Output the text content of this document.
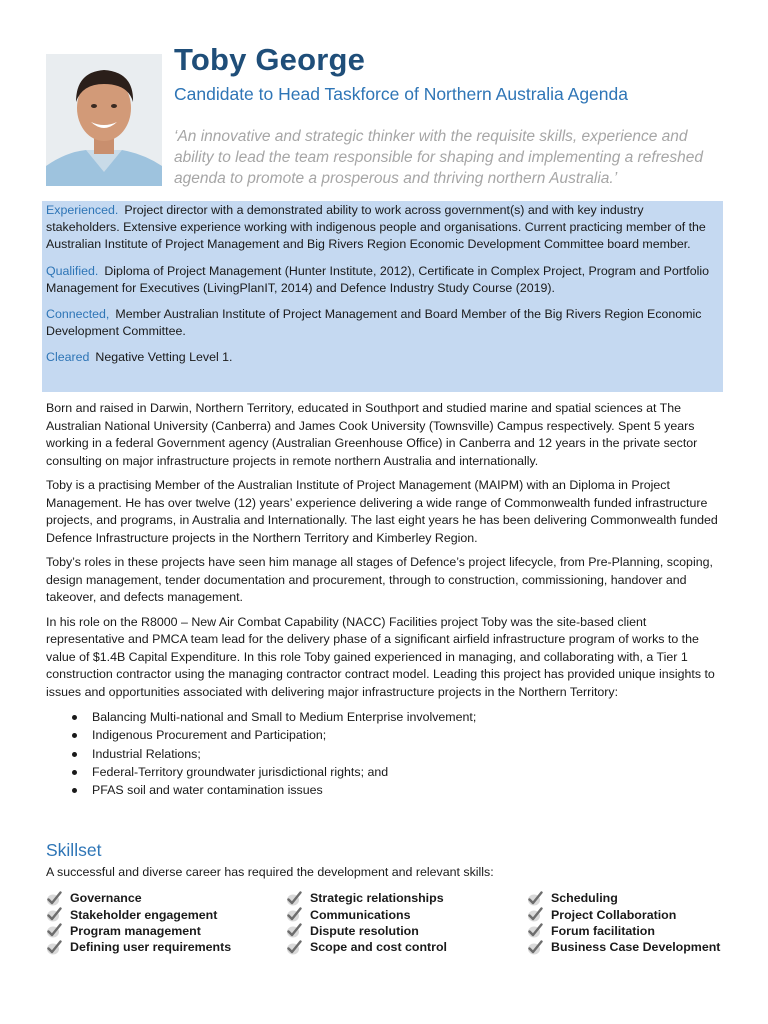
Toby George
Candidate to Head Taskforce of Northern Australia Agenda
‘An innovative and strategic thinker with the requisite skills, experience and ability to lead the team responsible for shaping and implementing a refreshed agenda to promote a prosperous and thriving northern Australia.’

Experienced. Project director with a demonstrated ability to work across government(s) and with key industry stakeholders. Extensive experience working with indigenous people and organisations. Current practicing member of the Australian Institute of Project Management and Big Rivers Region Economic Development Committee board member.

Qualified. Diploma of Project Management (Hunter Institute, 2012), Certificate in Complex Project, Program and Portfolio Management for Executives (LivingPlanIT, 2014) and Defence Industry Study Course (2019).

Connected, Member Australian Institute of Project Management and Board Member of the Big Rivers Region Economic Development Committee.

Cleared Negative Vetting Level 1.

Born and raised in Darwin, Northern Territory, educated in Southport and studied marine and spatial sciences at The Australian National University (Canberra) and James Cook University (Townsville) Campus respectively. Spent 5 years working in a federal Government agency (Australian Greenhouse Office) in Canberra and 12 years in the private sector consulting on major infrastructure projects in remote northern Australia and internationally.

Toby is a practising Member of the Australian Institute of Project Management (MAIPM) with an Diploma in Project Management. He has over twelve (12) years’ experience delivering a wide range of Commonwealth funded infrastructure projects, and programs, in Australia and Internationally. The last eight years he has been delivering Commonwealth funded Defence Infrastructure projects in the Northern Territory and Kimberley Region.

Toby’s roles in these projects have seen him manage all stages of Defence’s project lifecycle, from Pre-Planning, scoping, design management, tender documentation and procurement, through to construction, commissioning, handover and takeover, and defects management.

In his role on the R8000 – New Air Combat Capability (NACC) Facilities project Toby was the site-based client representative and PMCA team lead for the delivery phase of a significant airfield infrastructure program of works to the value of $1.4B Capital Expenditure. In this role Toby gained experienced in managing, and collaborating with, a Tier 1 construction contractor using the managing contractor contract model. Leading this project has provided unique insights to issues and opportunities associated with delivering major infrastructure projects in the Northern Territory:

Balancing Multi-national and Small to Medium Enterprise involvement;
Indigenous Procurement and Participation;
Industrial Relations;
Federal-Territory groundwater jurisdictional rights; and
PFAS soil and water contamination issues
Skillset
A successful and diverse career has required the development and relevant skills:
Governance	Strategic relationships	Scheduling
Stakeholder engagement	Communications	Project Collaboration
Program management	Dispute resolution	Forum facilitation
Defining user requirements	Scope and cost control	Business Case Development
